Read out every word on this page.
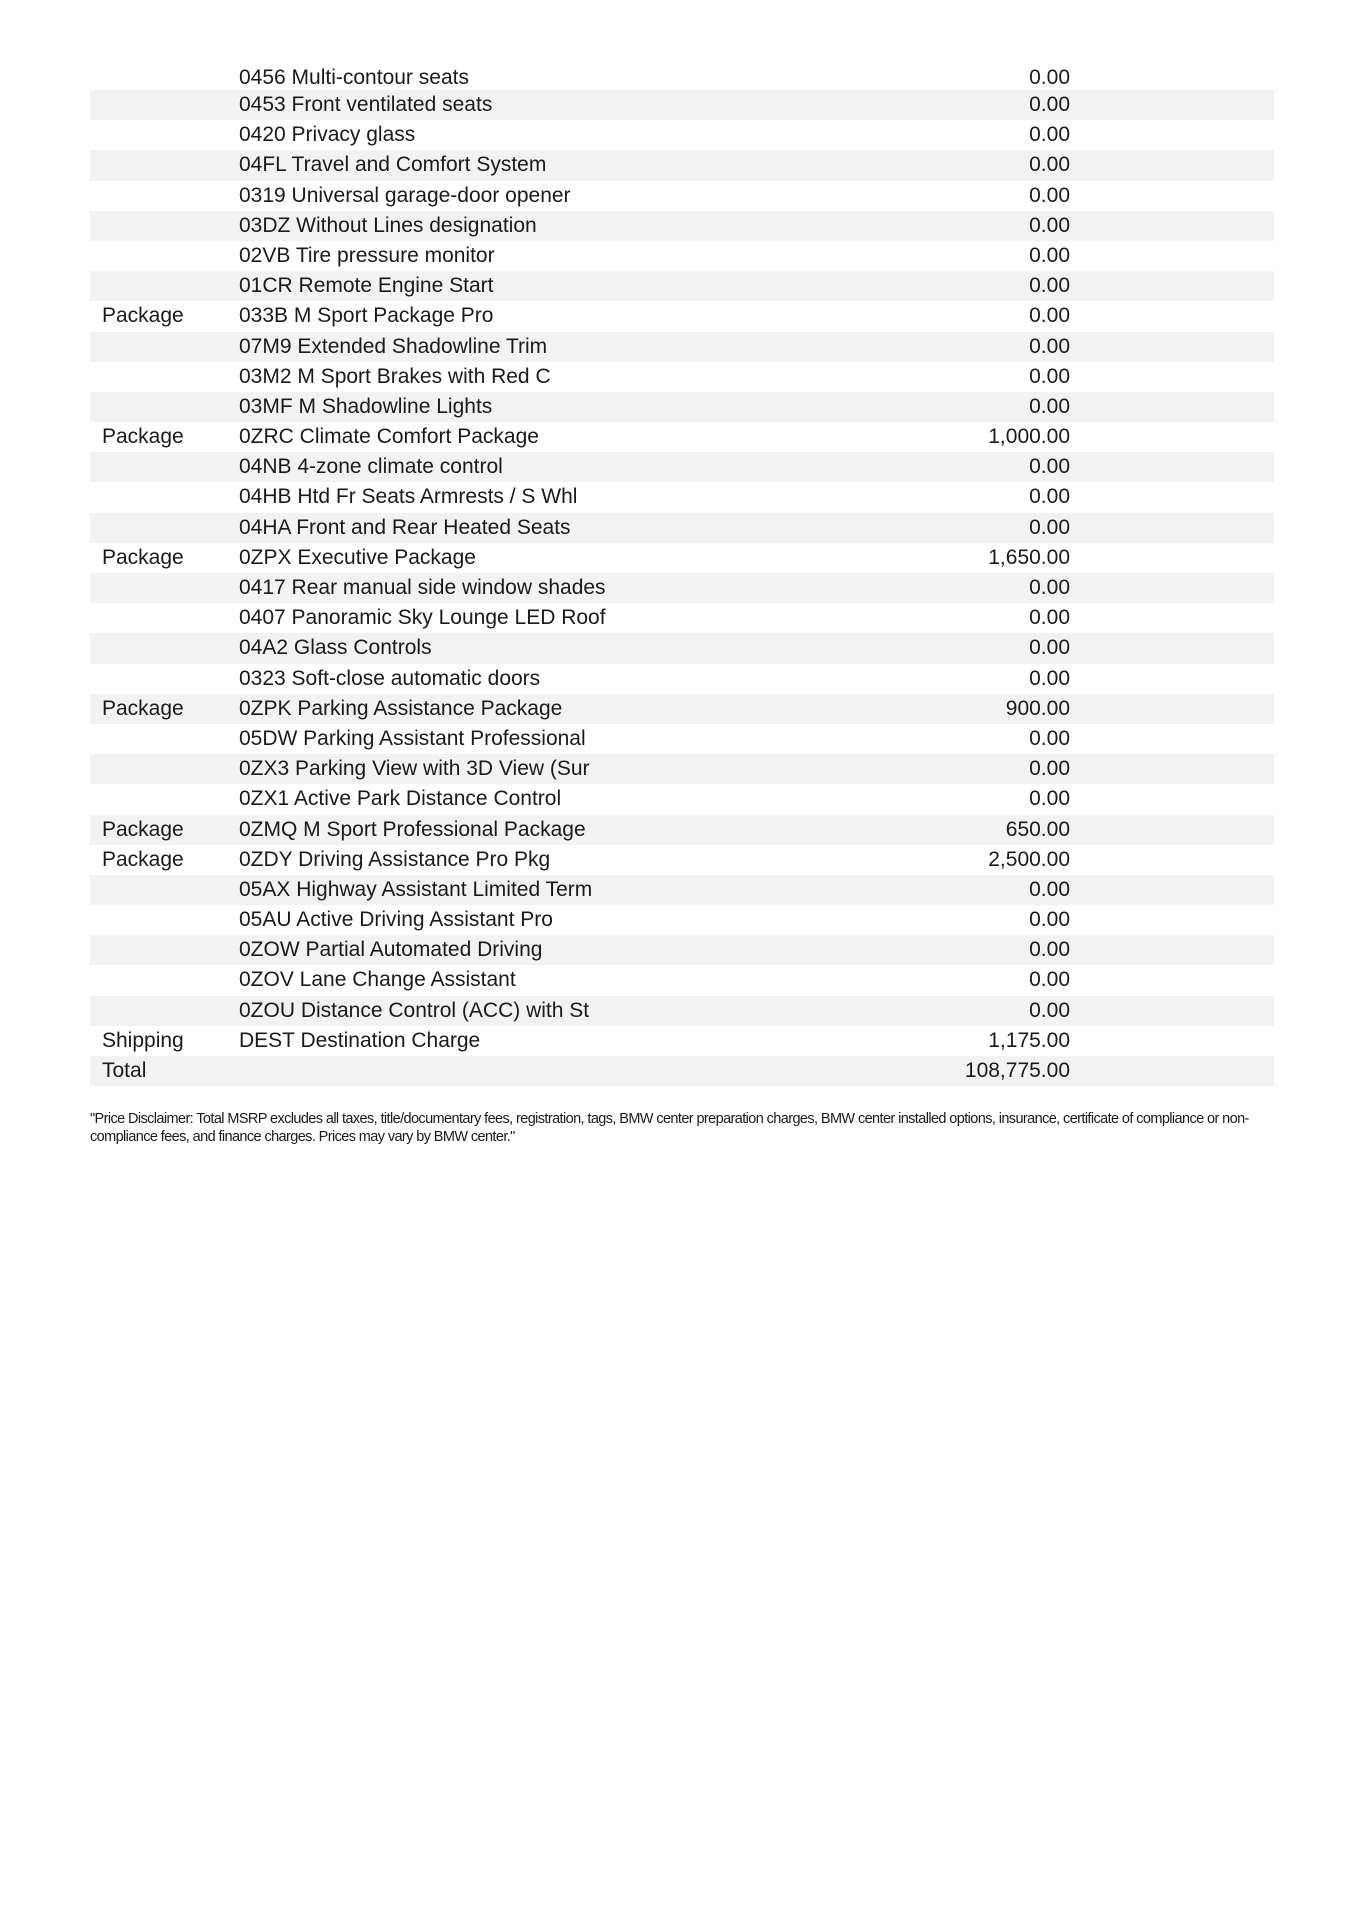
0456 Multi-contour seats	0.00
0453 Front ventilated seats	0.00
0420 Privacy glass	0.00
04FL Travel and Comfort System	0.00
0319 Universal garage-door opener	0.00
03DZ Without Lines designation	0.00
02VB Tire pressure monitor	0.00
01CR Remote Engine Start	0.00
Package	033B M Sport Package Pro	0.00
07M9 Extended Shadowline Trim	0.00
03M2 M Sport Brakes with Red C	0.00
03MF M Shadowline Lights	0.00
Package	0ZRC Climate Comfort Package	1,000.00
04NB 4-zone climate control	0.00
04HB Htd Fr Seats Armrests / S Whl	0.00
04HA Front and Rear Heated Seats	0.00
Package	0ZPX Executive Package	1,650.00
0417 Rear manual side window shades	0.00
0407 Panoramic Sky Lounge LED Roof	0.00
04A2 Glass Controls	0.00
0323 Soft-close automatic doors	0.00
Package	0ZPK Parking Assistance Package	900.00
05DW Parking Assistant Professional	0.00
0ZX3 Parking View with 3D View (Sur	0.00
0ZX1 Active Park Distance Control	0.00
Package	0ZMQ M Sport Professional Package	650.00
Package	0ZDY Driving Assistance Pro Pkg	2,500.00
05AX Highway Assistant Limited Term	0.00
05AU Active Driving Assistant Pro	0.00
0ZOW Partial Automated Driving	0.00
0ZOV Lane Change Assistant	0.00
0ZOU Distance Control (ACC) with St	0.00
Shipping	DEST Destination Charge	1,175.00
Total	108,775.00
"Price Disclaimer: Total MSRP excludes all taxes, title/documentary fees, registration, tags, BMW center preparation charges, BMW center installed options, insurance, certificate of compliance or non-compliance fees, and finance charges. Prices may vary by BMW center."
